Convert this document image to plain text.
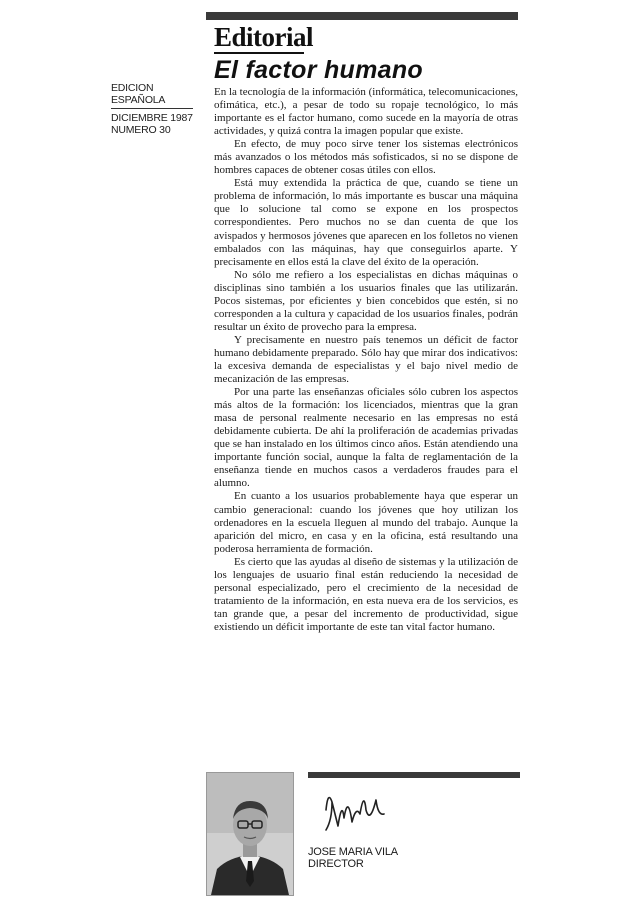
Editorial
El factor humano
EDICION
ESPAÑOLA
DICIEMBRE 1987
NUMERO 30

En la tecnología de la información (informática, telecomunicaciones, ofimática, etc.), a pesar de todo su ropaje tecnológico, lo más importante es el factor humano, como sucede en la mayoría de otras actividades, y quizá contra la imagen popular que existe.

En efecto, de muy poco sirve tener los sistemas electrónicos más avanzados o los métodos más sofisticados, si no se dispone de hombres capaces de obtener cosas útiles con ellos.

Está muy extendida la práctica de que, cuando se tiene un problema de información, lo más importante es buscar una máquina que lo solucione tal como se expone en los prospectos correspondientes. Pero muchos no se dan cuenta de que los avispados y hermosos jóvenes que aparecen en los folletos no vienen embalados con las máquinas, hay que conseguirlos aparte. Y precisamente en ellos está la clave del éxito de la operación.

No sólo me refiero a los especialistas en dichas máquinas o disciplinas sino también a los usuarios finales que las utilizarán. Pocos sistemas, por eficientes y bien concebidos que estén, si no corresponden a la cultura y capacidad de los usuarios finales, podrán resultar un éxito de provecho para la empresa.

Y precisamente en nuestro país tenemos un déficit de factor humano debidamente preparado. Sólo hay que mirar dos indicativos: la excesiva demanda de especialistas y el bajo nivel medio de mecanización de las empresas.

Por una parte las enseñanzas oficiales sólo cubren los aspectos más altos de la formación: los licenciados, mientras que la gran masa de personal realmente necesario en las empresas no está debidamente cubierta. De ahí la proliferación de academias privadas que se han instalado en los últimos cinco años. Están atendiendo una importante función social, aunque la falta de reglamentación de la enseñanza tiende en muchos casos a verdaderos fraudes para el alumno.

En cuanto a los usuarios probablemente haya que esperar un cambio generacional: cuando los jóvenes que hoy utilizan los ordenadores en la escuela lleguen al mundo del trabajo. Aunque la aparición del micro, en casa y en la oficina, está resultando una poderosa herramienta de formación.

Es cierto que las ayudas al diseño de sistemas y la utilización de los lenguajes de usuario final están reduciendo la necesidad de personal especializado, pero el crecimiento de la necesidad de tratamiento de la información, en esta nueva era de los servicios, es tan grande que, a pesar del incremento de productividad, sigue existiendo un déficit importante de este tan vital factor humano.

JOSE MARIA VILA
DIRECTOR
